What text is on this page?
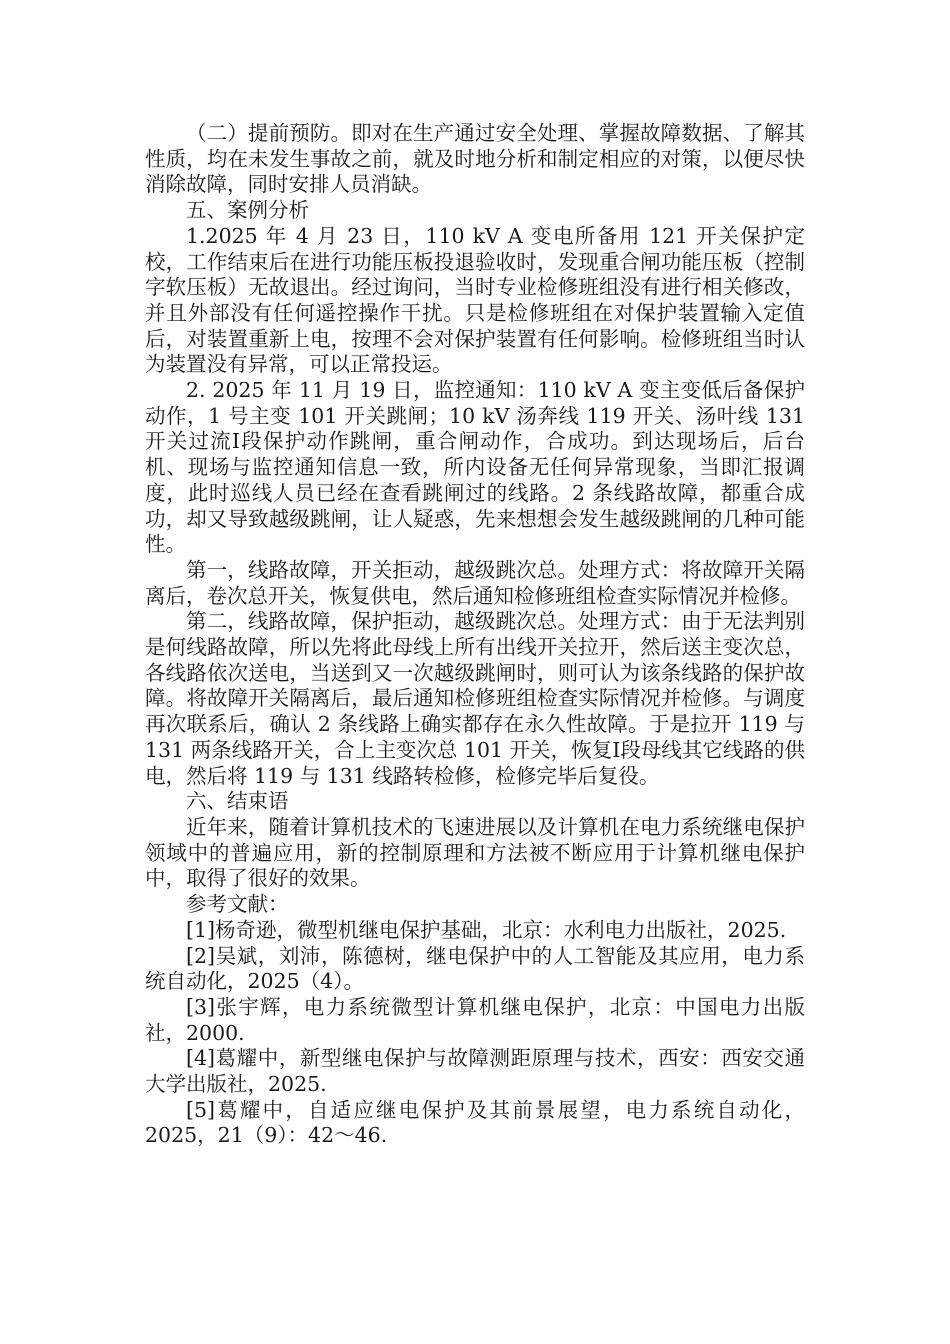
（二）提前预防。即对在生产通过安全处理、掌握故障数据、了解其性质，均在未发生事故之前，就及时地分析和制定相应的对策，以便尽快消除故障，同时安排人员消缺。

五、案例分析

1.2025 年 4 月 23 日，110 kV A 变电所备用 121 开关保护定校，工作结束后在进行功能压板投退验收时，发现重合闸功能压板（控制字软压板）无故退出。经过询问，当时专业检修班组没有进行相关修改，并且外部没有任何遥控操作干扰。只是检修班组在对保护装置输入定值后，对装置重新上电，按理不会对保护装置有任何影响。检修班组当时认为装置没有异常，可以正常投运。

2. 2025 年 11 月 19 日，监控通知：110 kV A 变主变低后备保护动作，1 号主变 101 开关跳闸；10 kV 汤奔线 119 开关、汤叶线 131 开关过流Ⅰ段保护动作跳闸，重合闸动作，合成功。到达现场后，后台机、现场与监控通知信息一致，所内设备无任何异常现象，当即汇报调度，此时巡线人员已经在查看跳闸过的线路。2 条线路故障，都重合成功，却又导致越级跳闸，让人疑惑，先来想想会发生越级跳闸的几种可能性。

第一，线路故障，开关拒动，越级跳次总。处理方式：将故障开关隔离后，卷次总开关，恢复供电，然后通知检修班组检查实际情况并检修。

第二，线路故障，保护拒动，越级跳次总。处理方式：由于无法判别是何线路故障，所以先将此母线上所有出线开关拉开，然后送主变次总，各线路依次送电，当送到又一次越级跳闸时，则可认为该条线路的保护故障。将故障开关隔离后，最后通知检修班组检查实际情况并检修。与调度再次联系后，确认 2 条线路上确实都存在永久性故障。于是拉开 119 与 131 两条线路开关，合上主变次总 101 开关，恢复Ⅰ段母线其它线路的供电，然后将 119 与 131 线路转检修，检修完毕后复役。

六、结束语

近年来，随着计算机技术的飞速进展以及计算机在电力系统继电保护领域中的普遍应用，新的控制原理和方法被不断应用于计算机继电保护中，取得了很好的效果。

参考文献：

[1]杨奇逊，微型机继电保护基础，北京：水利电力出版社，2025.

[2]吴斌，刘沛，陈德树，继电保护中的人工智能及其应用，电力系统自动化，2025（4）。

[3]张宇辉，电力系统微型计算机继电保护，北京：中国电力出版社，2000.

[4]葛耀中，新型继电保护与故障测距原理与技术，西安：西安交通大学出版社，2025.

[5]葛耀中，自适应继电保护及其前景展望，电力系统自动化，2025，21（9）：42～46.
